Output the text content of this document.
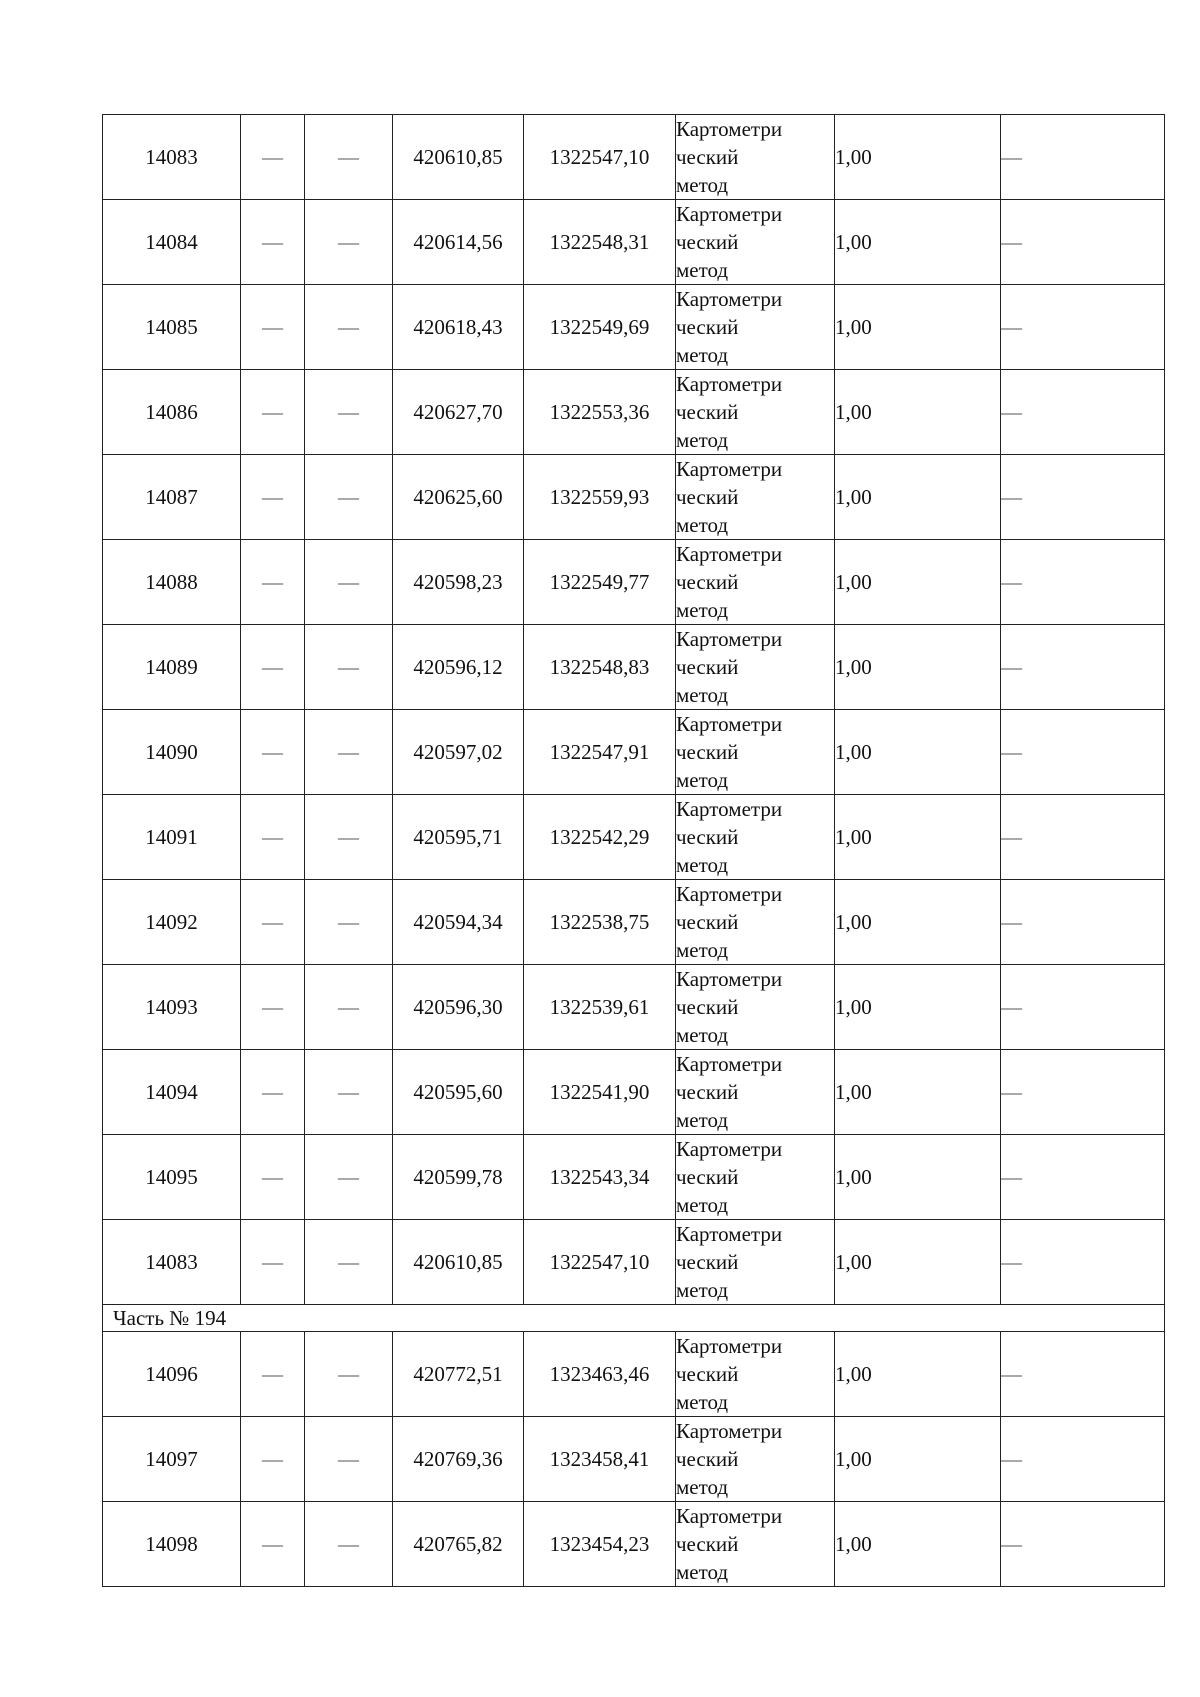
14083	—	—	420610,85	1322547,10	Картометри
ческий
метод	1,00	—
14084	—	—	420614,56	1322548,31	Картометри
ческий
метод	1,00	—
14085	—	—	420618,43	1322549,69	Картометри
ческий
метод	1,00	—
14086	—	—	420627,70	1322553,36	Картометри
ческий
метод	1,00	—
14087	—	—	420625,60	1322559,93	Картометри
ческий
метод	1,00	—
14088	—	—	420598,23	1322549,77	Картометри
ческий
метод	1,00	—
14089	—	—	420596,12	1322548,83	Картометри
ческий
метод	1,00	—
14090	—	—	420597,02	1322547,91	Картометри
ческий
метод	1,00	—
14091	—	—	420595,71	1322542,29	Картометри
ческий
метод	1,00	—
14092	—	—	420594,34	1322538,75	Картометри
ческий
метод	1,00	—
14093	—	—	420596,30	1322539,61	Картометри
ческий
метод	1,00	—
14094	—	—	420595,60	1322541,90	Картометри
ческий
метод	1,00	—
14095	—	—	420599,78	1322543,34	Картометри
ческий
метод	1,00	—
14083	—	—	420610,85	1322547,10	Картометри
ческий
метод	1,00	—
Часть № 194							
14096	—	—	420772,51	1323463,46	Картометри
ческий
метод	1,00	—
14097	—	—	420769,36	1323458,41	Картометри
ческий
метод	1,00	—
14098	—	—	420765,82	1323454,23	Картометри
ческий
метод	1,00	—
